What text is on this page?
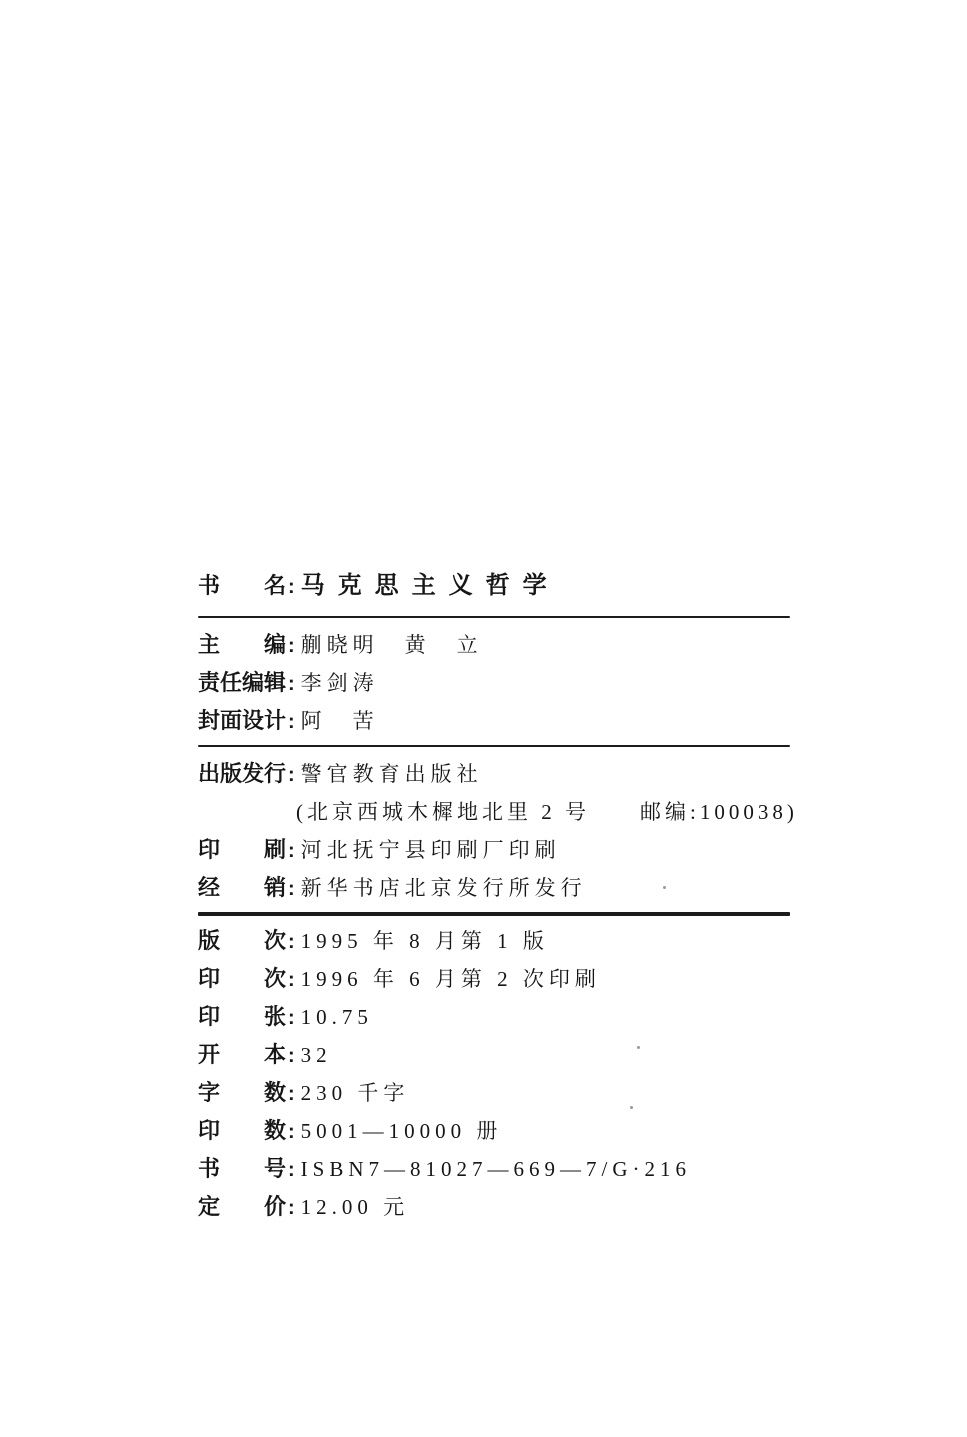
书名 : 马克思主义哲学
主编 : 蒯晓明　黄　立
责任编辑 : 李剑涛
封面设计 : 阿　苦
出版发行 : 警官教育出版社
(北京西城木樨地北里 2 号　　邮编:100038)
印刷 : 河北抚宁县印刷厂印刷
经销 : 新华书店北京发行所发行
版次 : 1995 年 8 月第 1 版
印次 : 1996 年 6 月第 2 次印刷
印张 : 10.75
开本 : 32
字数 : 230 千字
印数 : 5001—10000 册
书号 : ISBN7—81027—669—7/G·216
定价 : 12.00 元
